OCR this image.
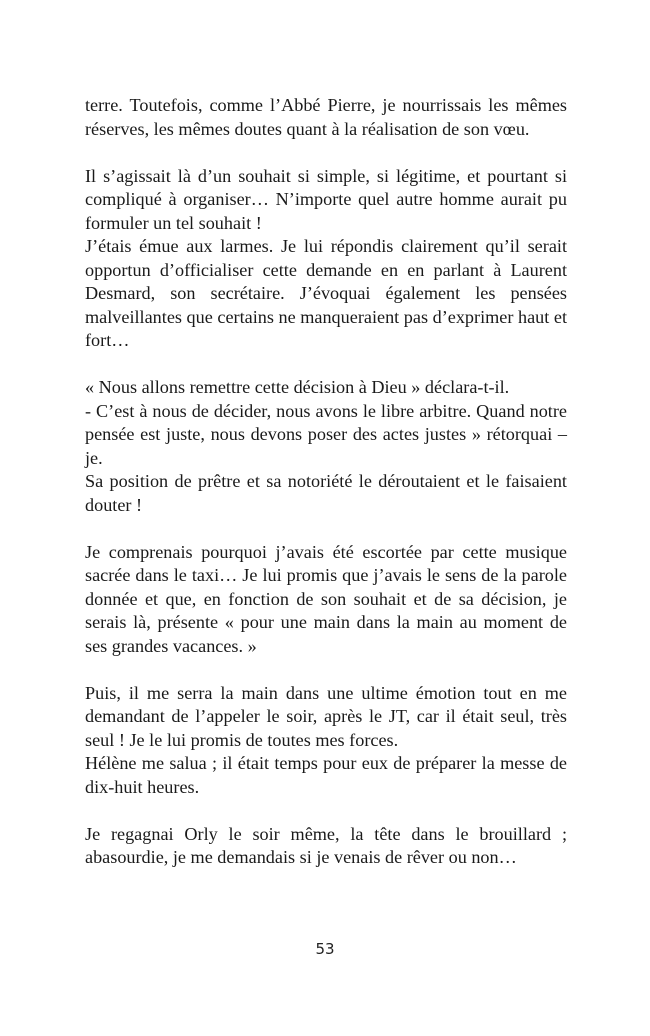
terre. Toutefois, comme l’Abbé Pierre, je nourrissais les mêmes réserves, les mêmes doutes quant à la réalisation de son vœu.
Il s’agissait là d’un souhait si simple, si légitime, et pourtant si compliqué à organiser… N’importe quel autre homme aurait pu formuler un tel souhait !
J’étais émue aux larmes. Je lui répondis clairement qu’il serait opportun d’officialiser cette demande en en parlant à Laurent Desmard, son secrétaire. J’évoquai également les pensées malveillantes que certains ne manqueraient pas d’exprimer haut et fort…
« Nous allons remettre cette décision à Dieu » déclara-t-il.
- C’est à nous de décider, nous avons le libre arbitre. Quand notre pensée est juste, nous devons poser des actes justes » rétorquai –je.
Sa position de prêtre et sa notoriété le déroutaient et le faisaient douter !
Je comprenais pourquoi j’avais été escortée par cette musique sacrée dans le taxi… Je lui promis que j’avais le sens de la parole donnée et que, en fonction de son souhait et de sa décision, je serais là, présente « pour une main dans la main au moment de ses grandes vacances. »
Puis, il me serra la main dans une ultime émotion tout en me demandant de l’appeler le soir, après le JT, car il était seul, très seul ! Je le lui promis de toutes mes forces.
Hélène me salua ; il était temps pour eux de préparer la messe de dix-huit heures.
Je regagnai Orly le soir même, la tête dans le brouillard ; abasourdie, je me demandais si je venais de rêver ou non…
53
